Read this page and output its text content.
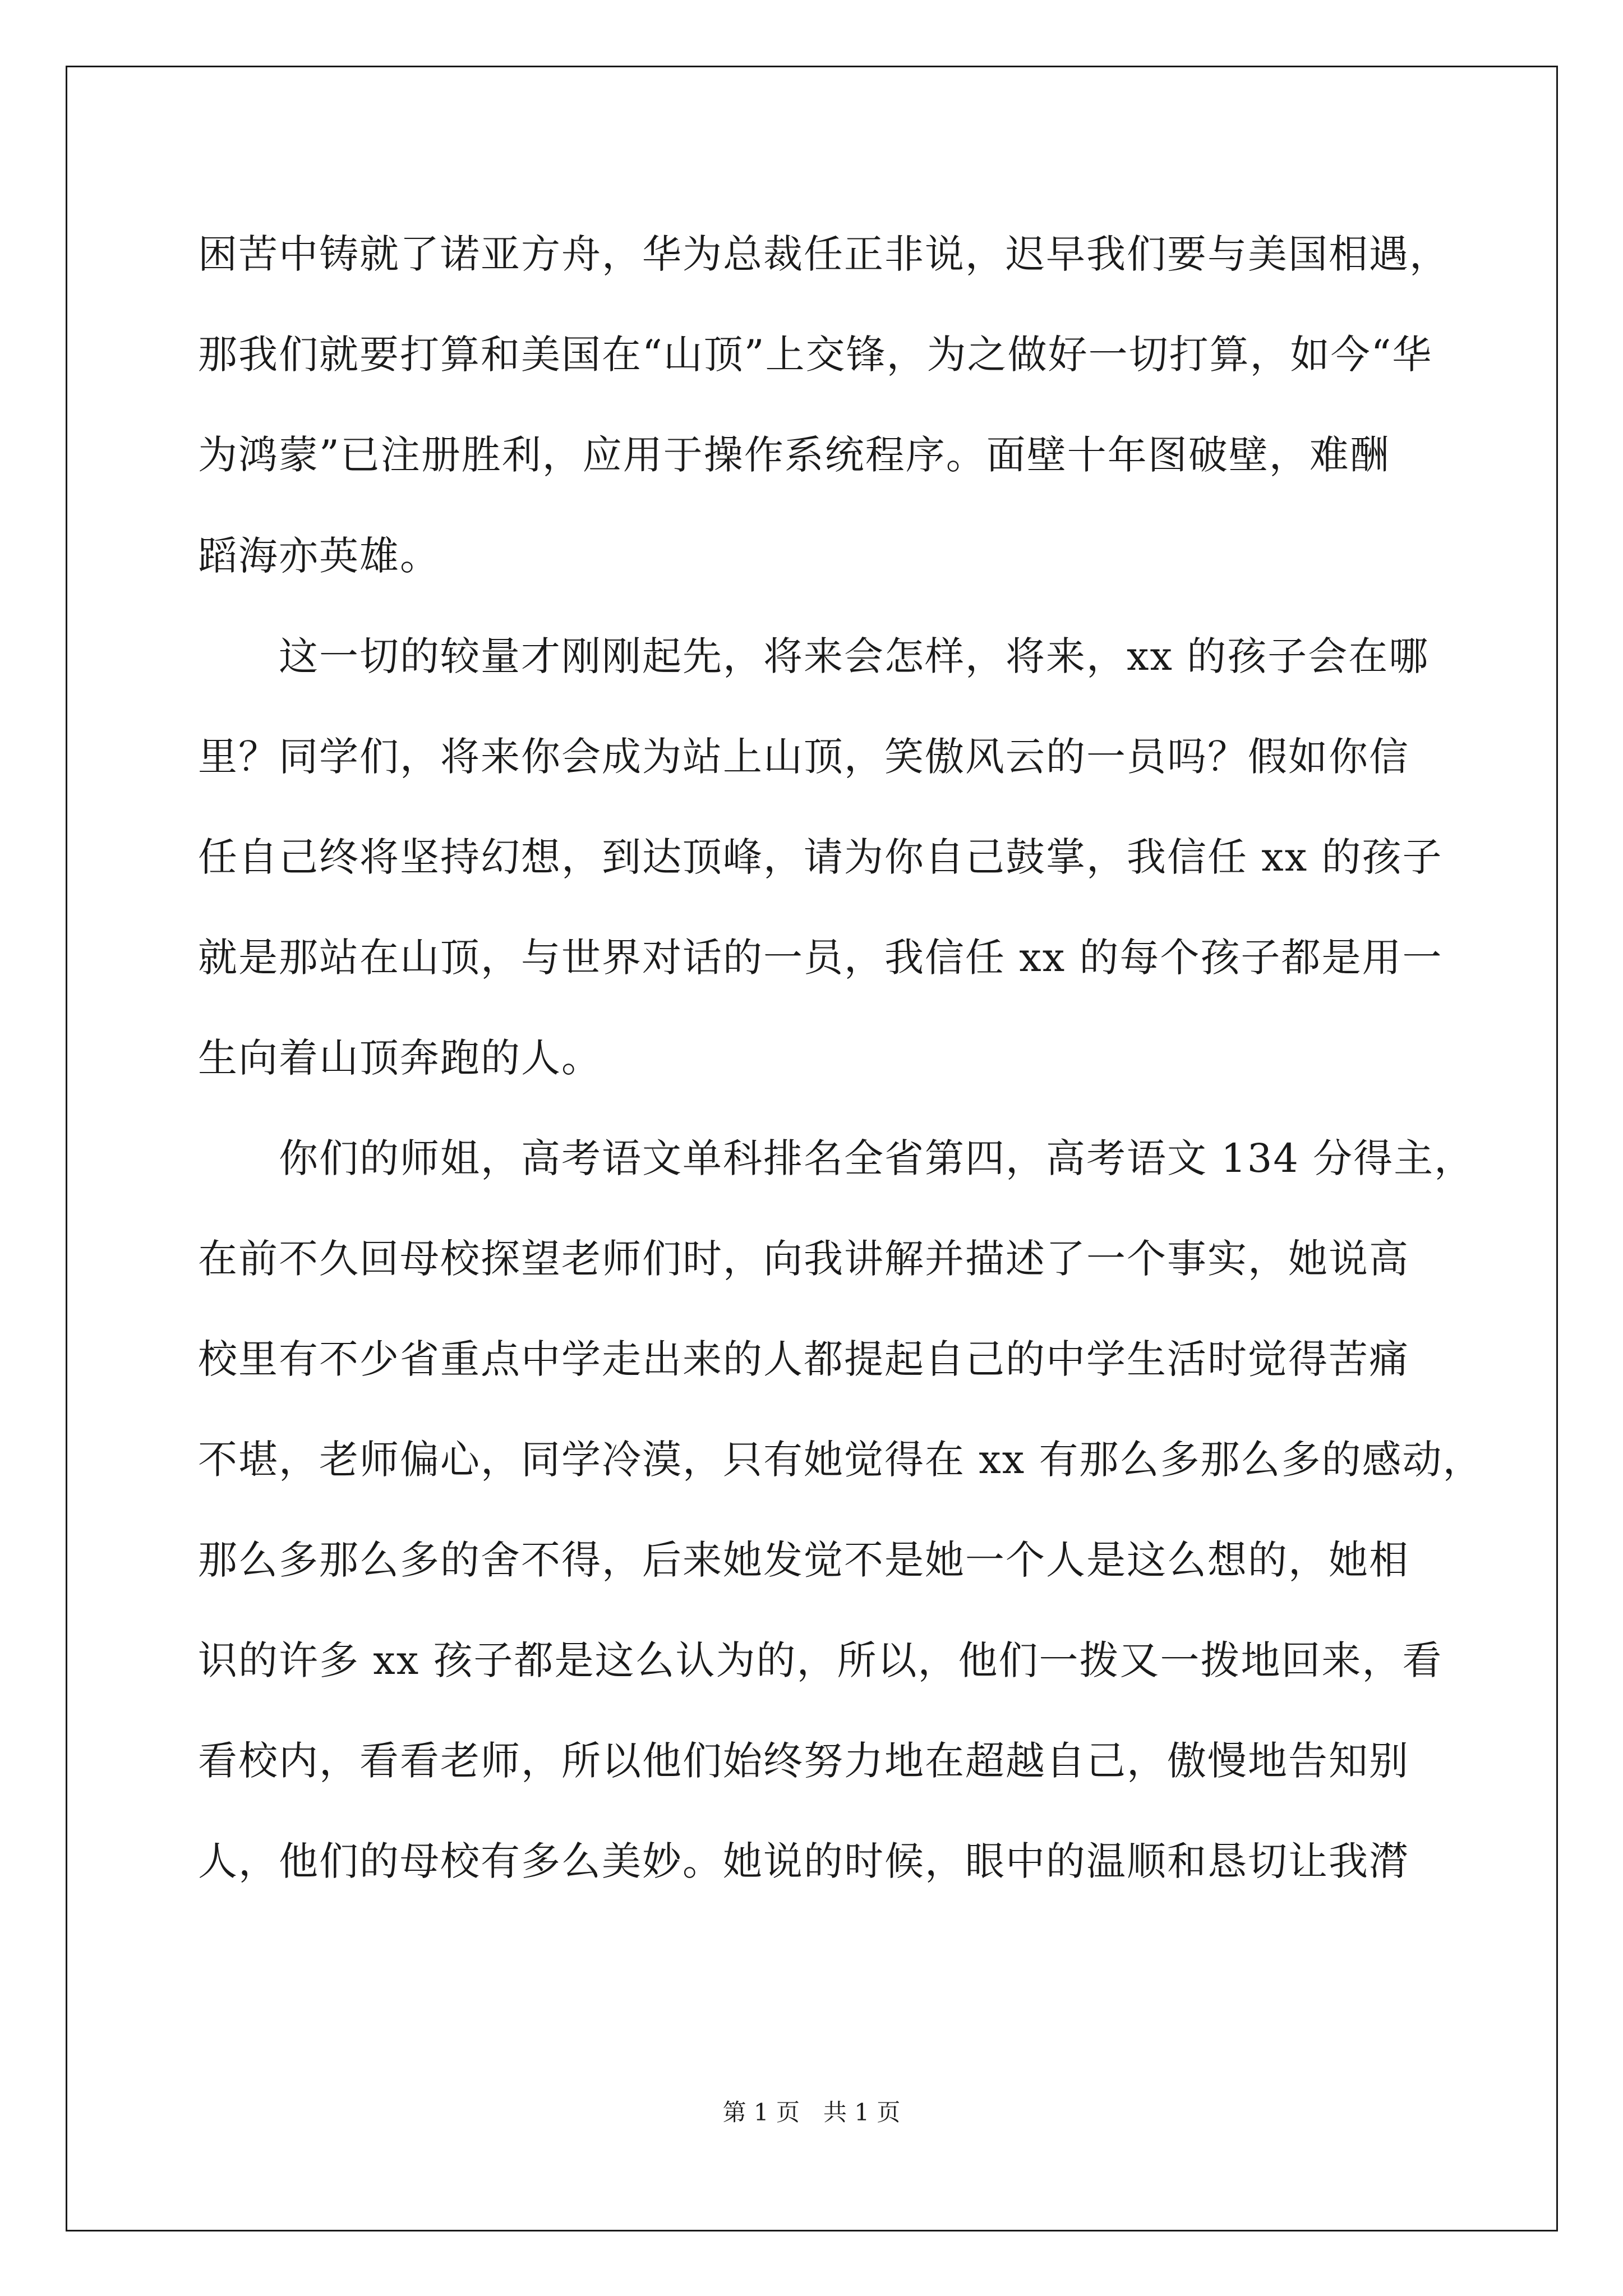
困苦中铸就了诺亚方舟，华为总裁任正非说，迟早我们要与美国相遇，

那我们就要打算和美国在“山顶”上交锋，为之做好一切打算，如今“华

为鸿蒙”已注册胜利，应用于操作系统程序。面壁十年图破壁，难酬

蹈海亦英雄。

　　这一切的较量才刚刚起先，将来会怎样，将来，xx 的孩子会在哪

里？同学们，将来你会成为站上山顶，笑傲风云的一员吗？假如你信

任自己终将坚持幻想，到达顶峰，请为你自己鼓掌，我信任 xx 的孩子

就是那站在山顶，与世界对话的一员，我信任 xx 的每个孩子都是用一

生向着山顶奔跑的人。

　　你们的师姐，高考语文单科排名全省第四，高考语文 134 分得主，

在前不久回母校探望老师们时，向我讲解并描述了一个事实，她说高

校里有不少省重点中学走出来的人都提起自己的中学生活时觉得苦痛

不堪，老师偏心，同学冷漠，只有她觉得在 xx 有那么多那么多的感动，

那么多那么多的舍不得，后来她发觉不是她一个人是这么想的，她相

识的许多 xx 孩子都是这么认为的，所以，他们一拨又一拨地回来，看

看校内，看看老师，所以他们始终努力地在超越自己，傲慢地告知别

人，他们的母校有多么美妙。她说的时候，眼中的温顺和恳切让我潸

第 1 页　共 1 页
